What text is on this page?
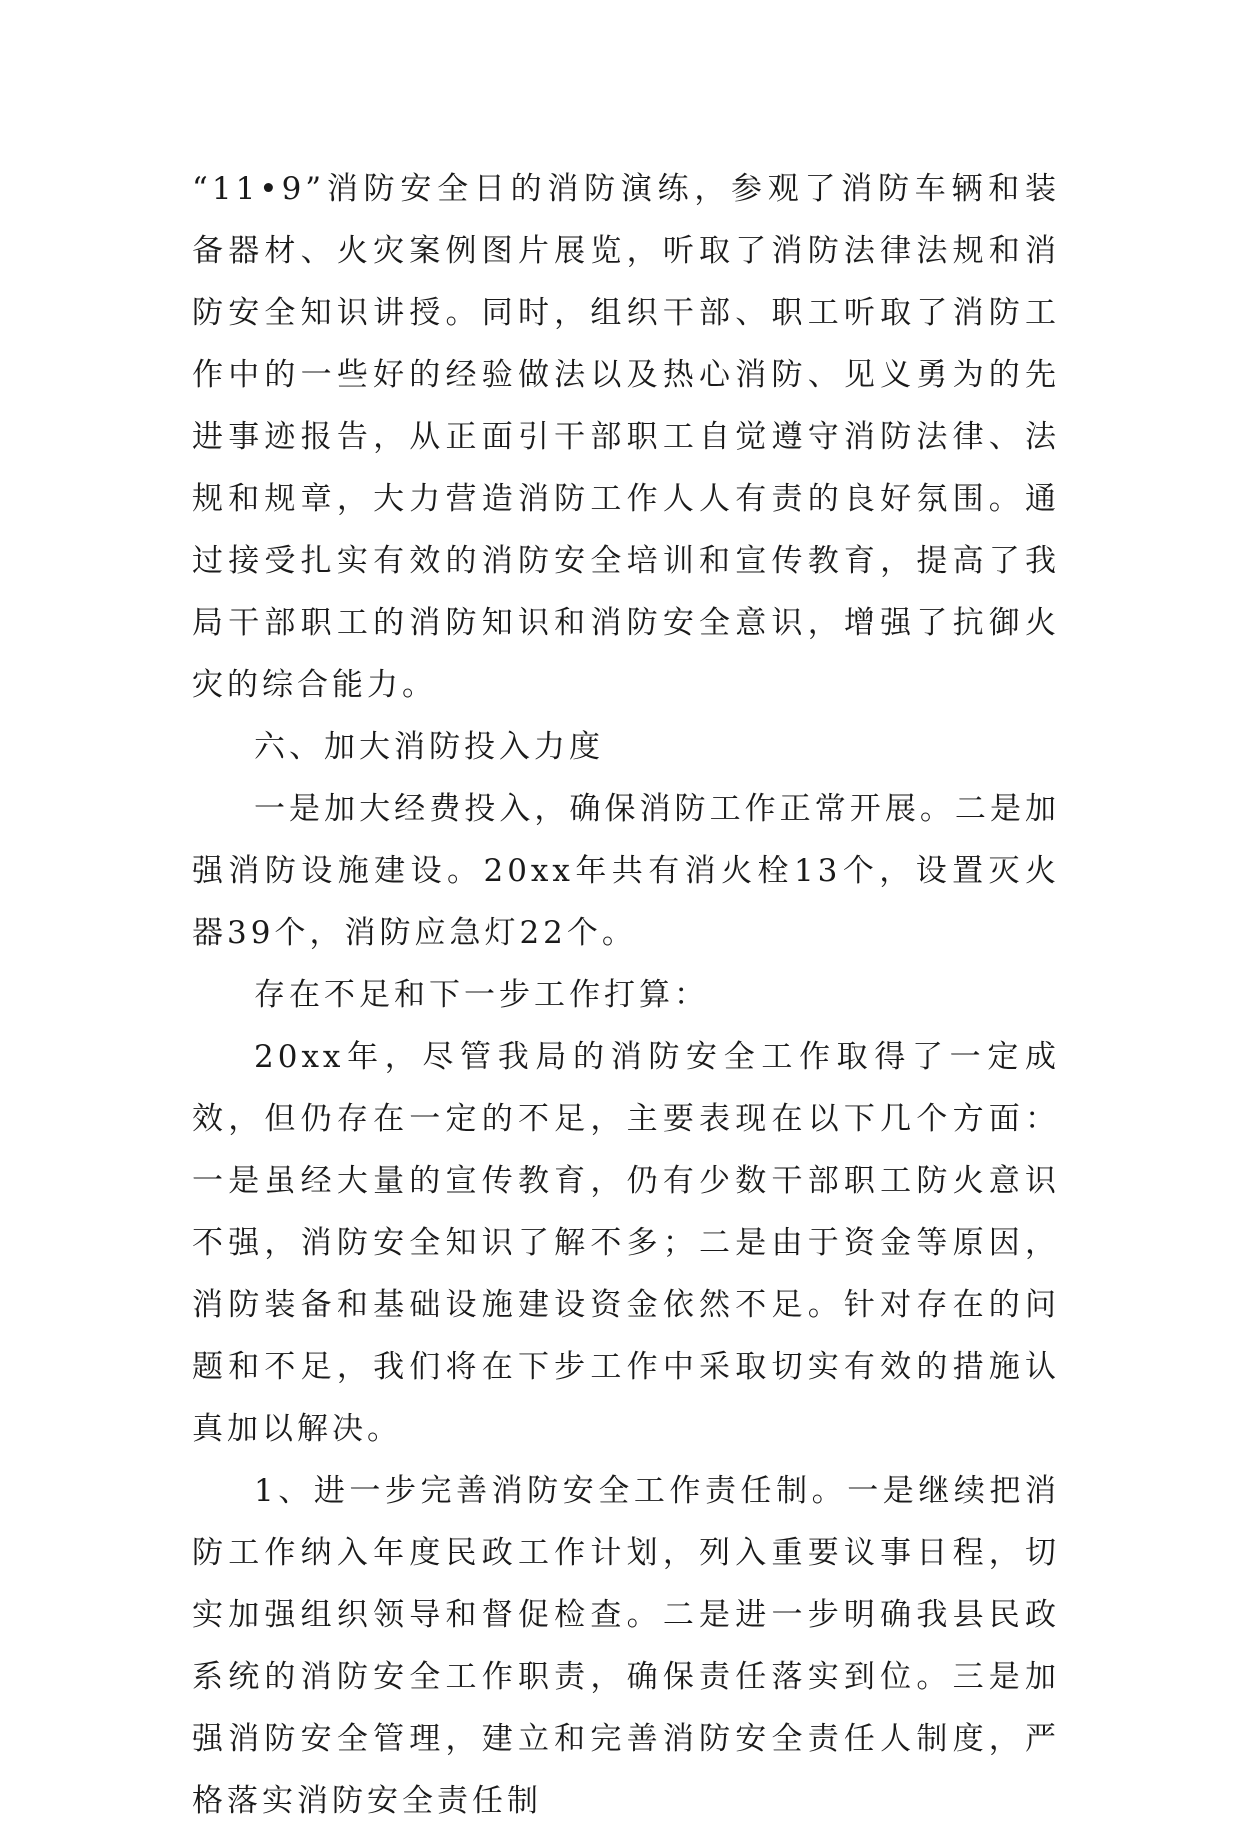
“11•9”消防安全日的消防演练，参观了消防车辆和装备器材、火灾案例图片展览，听取了消防法律法规和消防安全知识讲授。同时，组织干部、职工听取了消防工作中的一些好的经验做法以及热心消防、见义勇为的先进事迹报告，从正面引干部职工自觉遵守消防法律、法规和规章，大力营造消防工作人人有责的良好氛围。通过接受扎实有效的消防安全培训和宣传教育，提高了我局干部职工的消防知识和消防安全意识，增强了抗御火灾的综合能力。

六、加大消防投入力度

一是加大经费投入，确保消防工作正常开展。二是加强消防设施建设。20xx年共有消火栓13个，设置灭火器39个，消防应急灯22个。

存在不足和下一步工作打算：

20xx年，尽管我局的消防安全工作取得了一定成效，但仍存在一定的不足，主要表现在以下几个方面：一是虽经大量的宣传教育，仍有少数干部职工防火意识不强，消防安全知识了解不多；二是由于资金等原因，消防装备和基础设施建设资金依然不足。针对存在的问题和不足，我们将在下步工作中采取切实有效的措施认真加以解决。

1、进一步完善消防安全工作责任制。一是继续把消防工作纳入年度民政工作计划，列入重要议事日程，切实加强组织领导和督促检查。二是进一步明确我县民政系统的消防安全工作职责，确保责任落实到位。三是加强消防安全管理，建立和完善消防安全责任人制度，严格落实消防安全责任制
